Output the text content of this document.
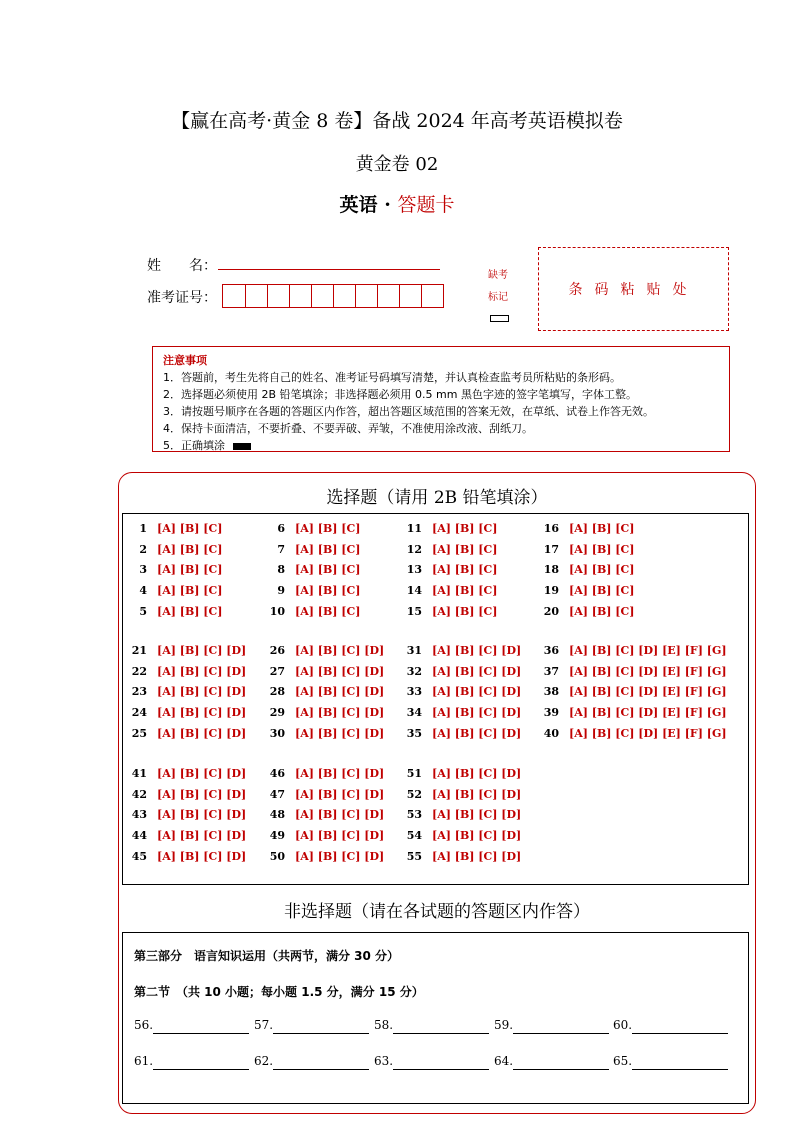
【赢在高考·黄金 8 卷】备战 2024 年高考英语模拟卷
黄金卷 02
英语 · 答题卡
姓　　名：
准考证号：
缺考
标记	条码粘贴处
注意事项
1．答题前，考生先将自己的姓名、准考证号码填写清楚，并认真检查监考员所粘贴的条形码。
2．选择题必须使用 2B 铅笔填涂；非选择题必须用 0.5 mm 黑色字迹的签字笔填写，字体工整。
3．请按题号顺序在各题的答题区内作答，超出答题区域范围的答案无效，在草纸、试卷上作答无效。
4．保持卡面清洁，不要折叠、不要弄破、弄皱，不准使用涂改液、刮纸刀。
5．正确填涂
选择题（请用 2B 铅笔填涂）
1 [A] [B] [C]
2 [A] [B] [C]
3 [A] [B] [C]
4 [A] [B] [C]
5 [A] [B] [C]
6 [A] [B] [C]
7 [A] [B] [C]
8 [A] [B] [C]
9 [A] [B] [C]
10 [A] [B] [C]
11 [A] [B] [C]
12 [A] [B] [C]
13 [A] [B] [C]
14 [A] [B] [C]
15 [A] [B] [C]
16 [A] [B] [C]
17 [A] [B] [C]
18 [A] [B] [C]
19 [A] [B] [C]
20 [A] [B] [C]
21 [A] [B] [C] [D]
22 [A] [B] [C] [D]
23 [A] [B] [C] [D]
24 [A] [B] [C] [D]
25 [A] [B] [C] [D]
26 [A] [B] [C] [D]
27 [A] [B] [C] [D]
28 [A] [B] [C] [D]
29 [A] [B] [C] [D]
30 [A] [B] [C] [D]
31 [A] [B] [C] [D]
32 [A] [B] [C] [D]
33 [A] [B] [C] [D]
34 [A] [B] [C] [D]
35 [A] [B] [C] [D]
36 [A] [B] [C] [D] [E] [F] [G]
37 [A] [B] [C] [D] [E] [F] [G]
38 [A] [B] [C] [D] [E] [F] [G]
39 [A] [B] [C] [D] [E] [F] [G]
40 [A] [B] [C] [D] [E] [F] [G]
41 [A] [B] [C] [D]
42 [A] [B] [C] [D]
43 [A] [B] [C] [D]
44 [A] [B] [C] [D]
45 [A] [B] [C] [D]
46 [A] [B] [C] [D]
47 [A] [B] [C] [D]
48 [A] [B] [C] [D]
49 [A] [B] [C] [D]
50 [A] [B] [C] [D]
51 [A] [B] [C] [D]
52 [A] [B] [C] [D]
53 [A] [B] [C] [D]
54 [A] [B] [C] [D]
55 [A] [B] [C] [D]
非选择题（请在各试题的答题区内作答）
第三部分　语言知识运用（共两节，满分 30 分）
第二节　（共 10 小题；每小题 1.5 分，满分 15 分）
56.	57.	58.	59.	60.
61.	62.	63.	64.	65.
